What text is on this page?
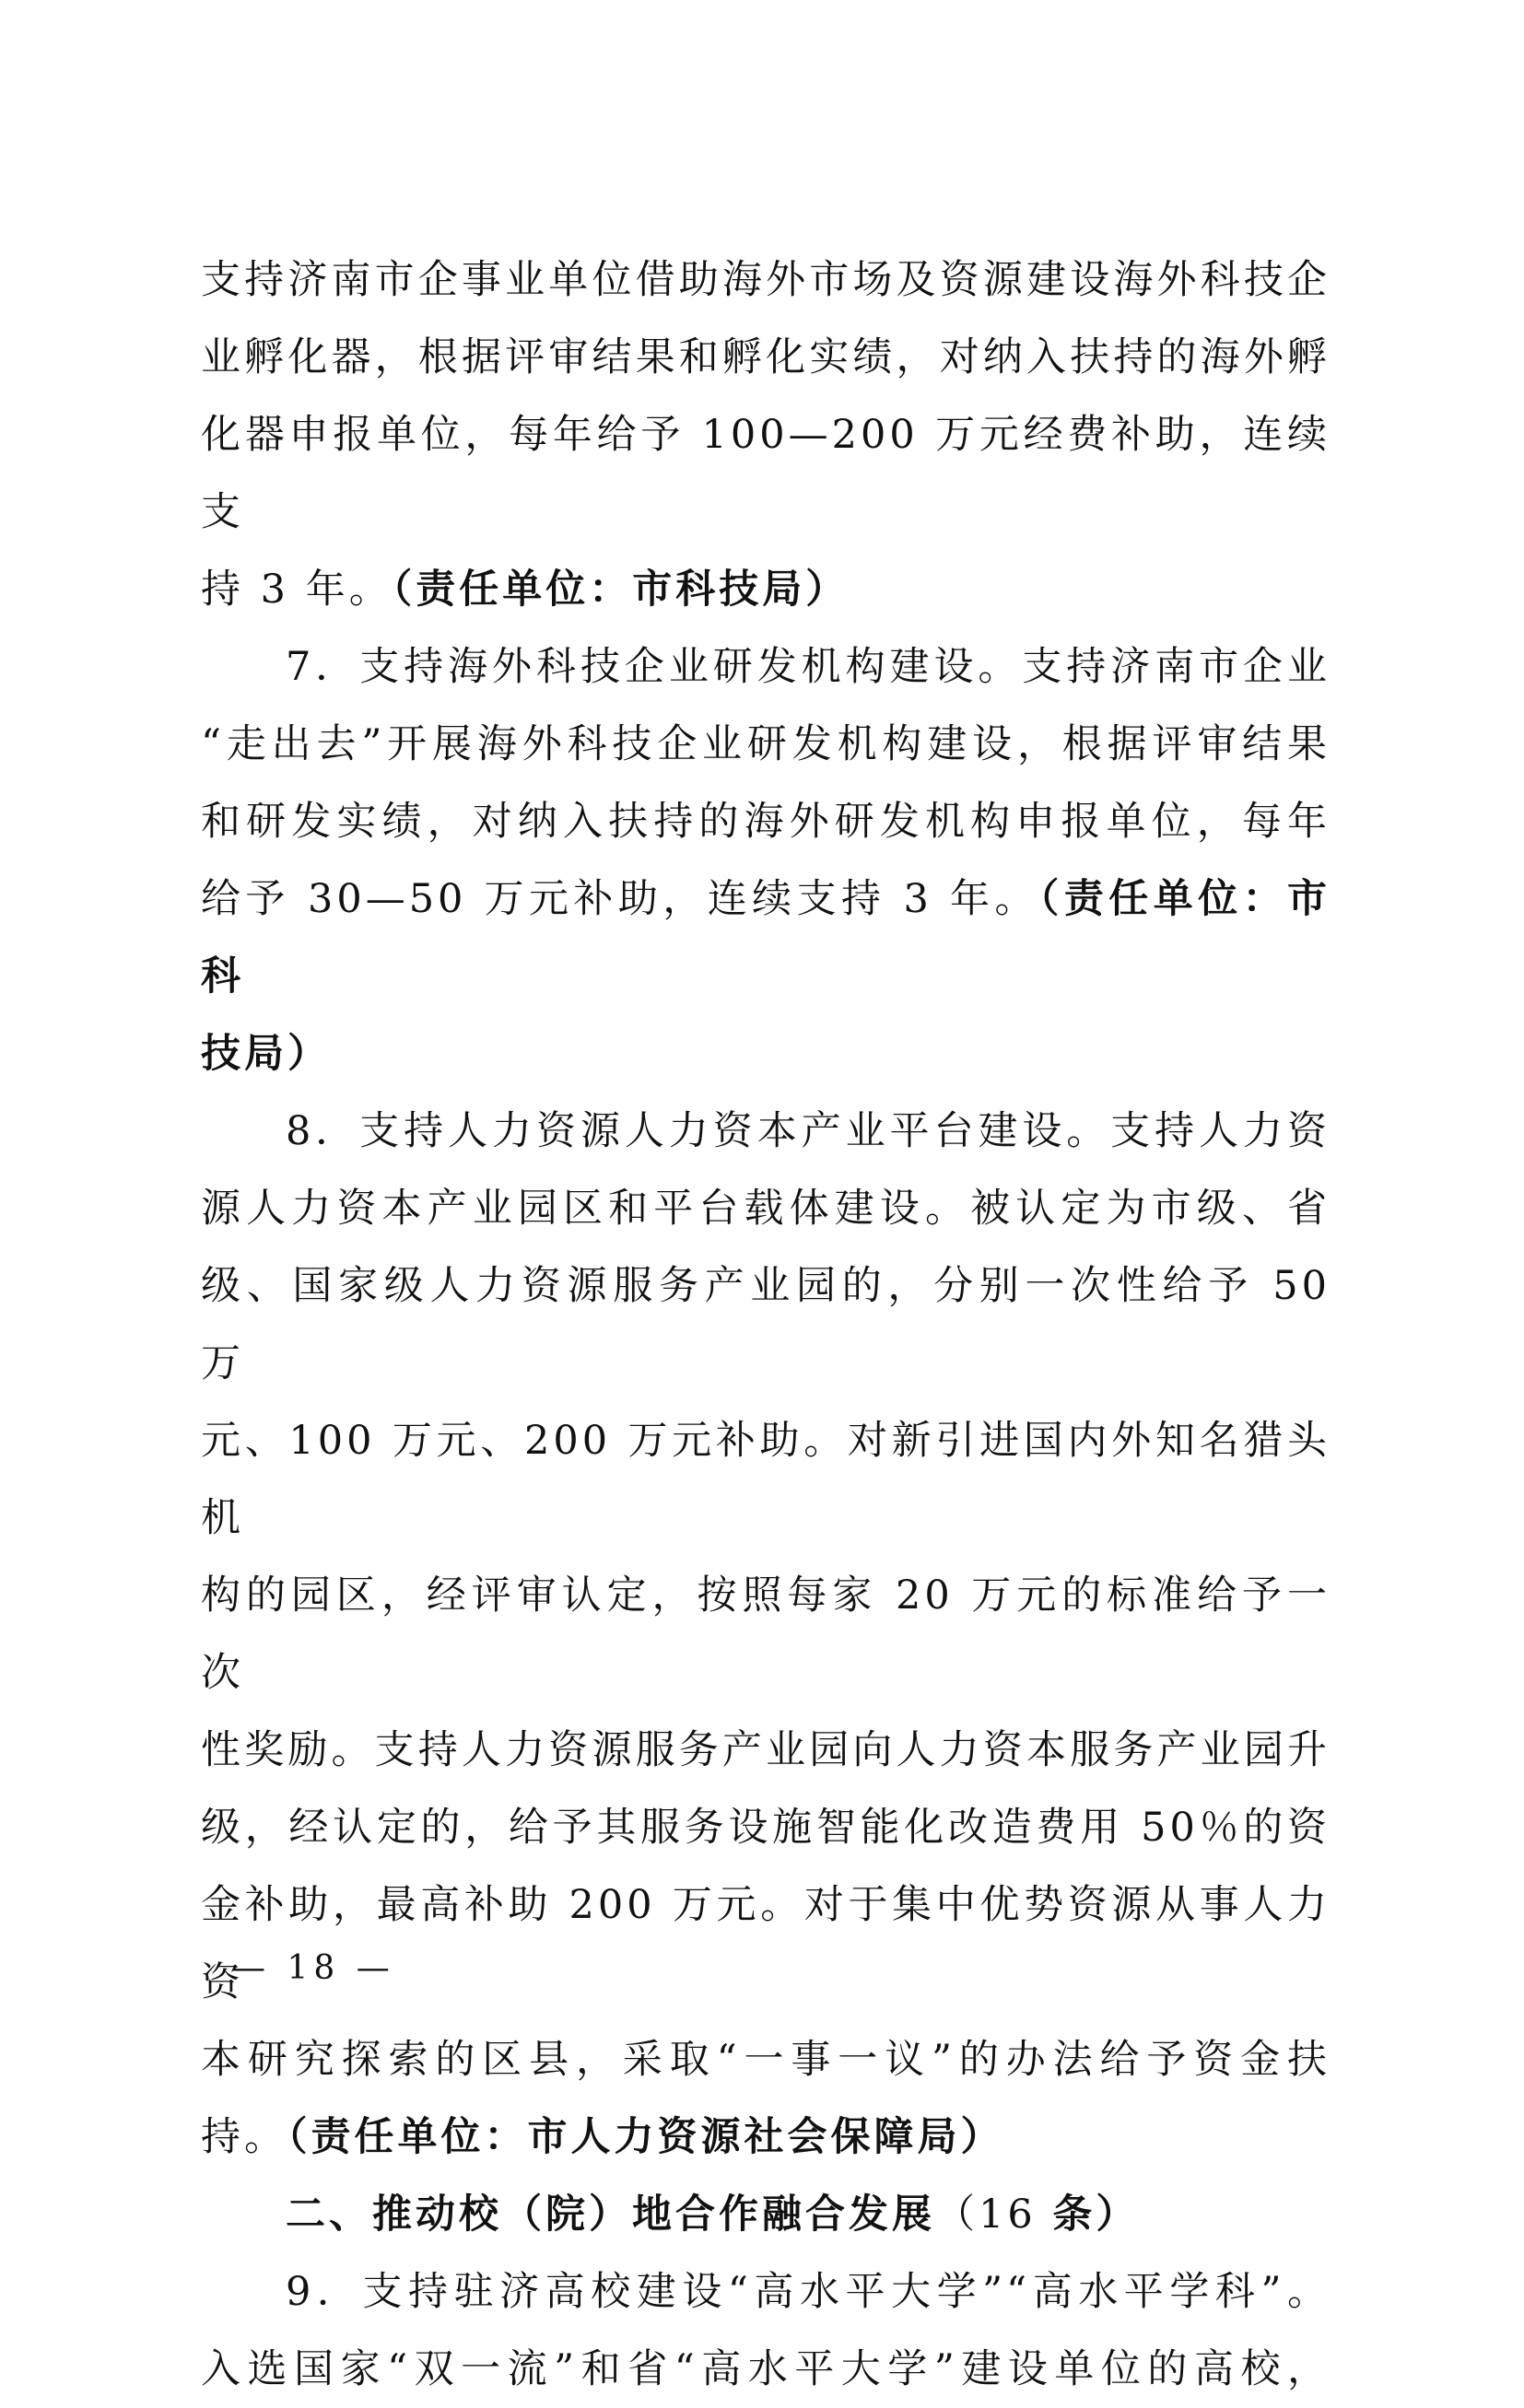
支持济南市企事业单位借助海外市场及资源建设海外科技企

业孵化器，根据评审结果和孵化实绩，对纳入扶持的海外孵

化器申报单位，每年给予 100—200 万元经费补助，连续支

持 3 年。（责任单位：市科技局）

7．支持海外科技企业研发机构建设。支持济南市企业

“走出去”开展海外科技企业研发机构建设，根据评审结果

和研发实绩，对纳入扶持的海外研发机构申报单位，每年

给予 30—50 万元补助，连续支持 3 年。（责任单位：市科

技局）

8．支持人力资源人力资本产业平台建设。支持人力资

源人力资本产业园区和平台载体建设。被认定为市级、省

级、国家级人力资源服务产业园的，分别一次性给予 50 万

元、100 万元、200 万元补助。对新引进国内外知名猎头机

构的园区，经评审认定，按照每家 20 万元的标准给予一次

性奖励。支持人力资源服务产业园向人力资本服务产业园升

级，经认定的，给予其服务设施智能化改造费用 50％的资

金补助，最高补助 200 万元。对于集中优势资源从事人力资

本研究探索的区县，采取“一事一议”的办法给予资金扶

持。（责任单位：市人力资源社会保障局）

二、推动校（院）地合作融合发展（16 条）

9．支持驻济高校建设“高水平大学”“高水平学科”。

入选国家“双一流”和省“高水平大学”建设单位的高校，

— 18 —
